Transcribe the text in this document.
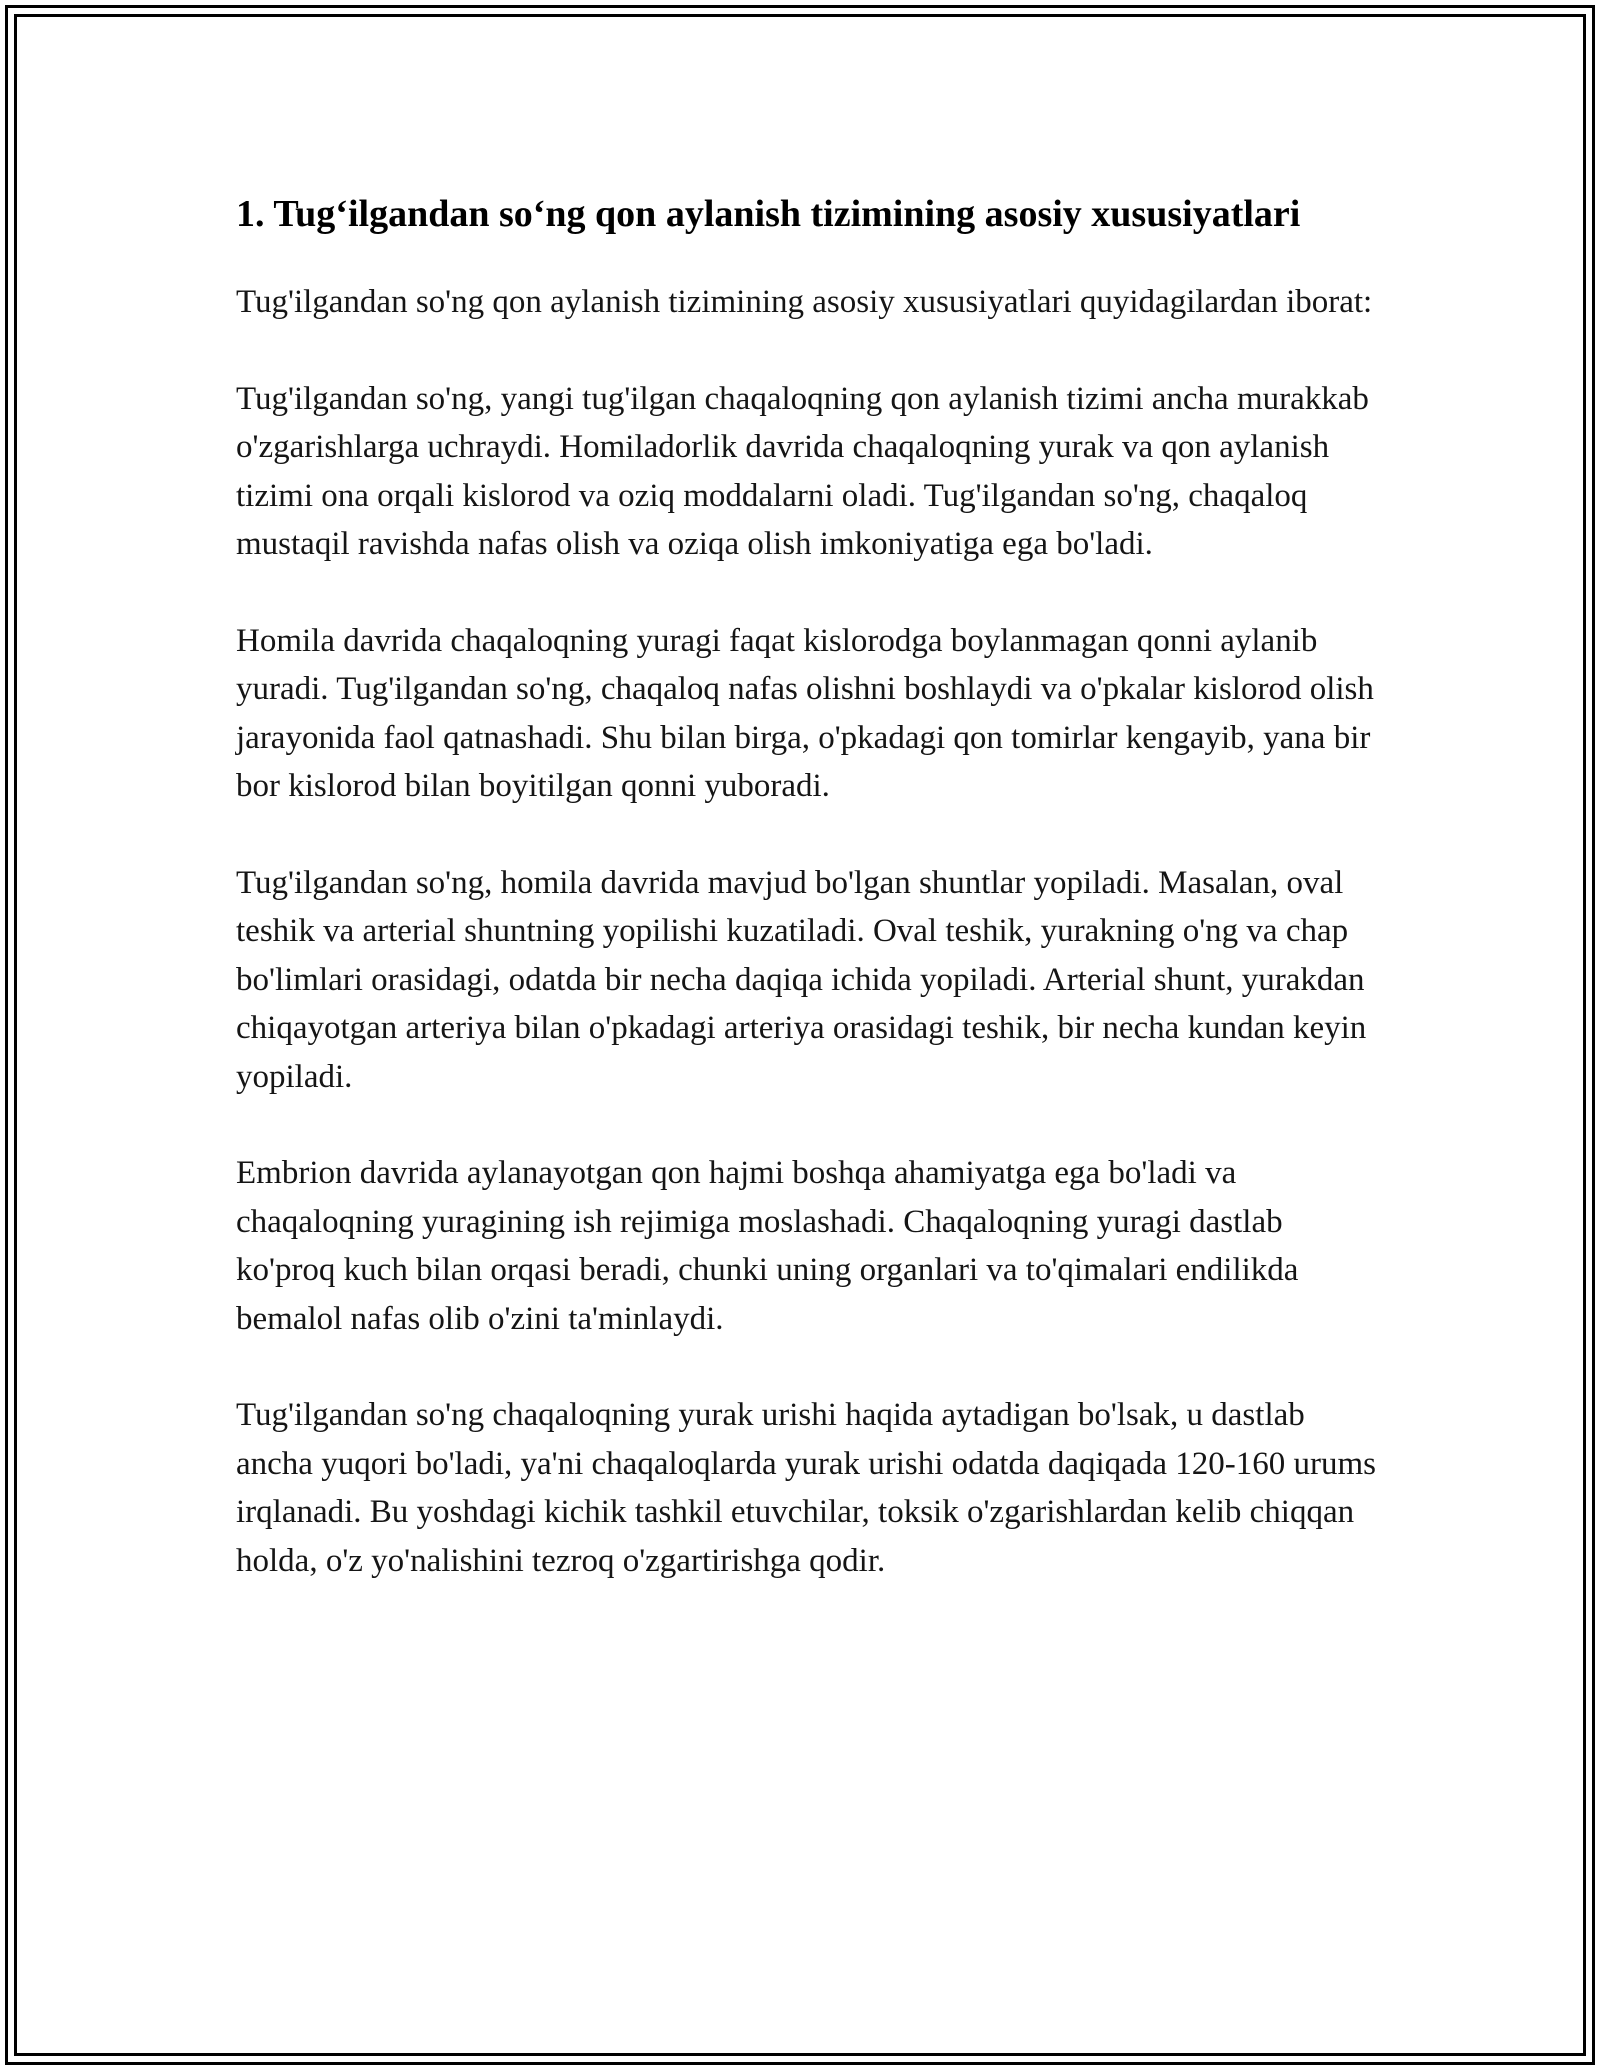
1. Tug‘ilgandan so‘ng qon aylanish tizimining asosiy xususiyatlari

Tug'ilgandan so'ng qon aylanish tizimining asosiy xususiyatlari quyidagilardan iborat:

Tug'ilgandan so'ng, yangi tug'ilgan chaqaloqning qon aylanish tizimi ancha murakkab o'zgarishlarga uchraydi. Homiladorlik davrida chaqaloqning yurak va qon aylanish tizimi ona orqali kislorod va oziq moddalarni oladi. Tug'ilgandan so'ng, chaqaloq mustaqil ravishda nafas olish va oziqa olish imkoniyatiga ega bo'ladi.

Homila davrida chaqaloqning yuragi faqat kislorodga boylanmagan qonni aylanib yuradi. Tug'ilgandan so'ng, chaqaloq nafas olishni boshlaydi va o'pkalar kislorod olish jarayonida faol qatnashadi. Shu bilan birga, o'pkadagi qon tomirlar kengayib, yana bir bor kislorod bilan boyitilgan qonni yuboradi.

Tug'ilgandan so'ng, homila davrida mavjud bo'lgan shuntlar yopiladi. Masalan, oval teshik va arterial shuntning yopilishi kuzatiladi. Oval teshik, yurakning o'ng va chap bo'limlari orasidagi, odatda bir necha daqiqa ichida yopiladi. Arterial shunt, yurakdan chiqayotgan arteriya bilan o'pkadagi arteriya orasidagi teshik, bir necha kundan keyin yopiladi.

Embrion davrida aylanayotgan qon hajmi boshqa ahamiyatga ega bo'ladi va chaqaloqning yuragining ish rejimiga moslashadi. Chaqaloqning yuragi dastlab ko'proq kuch bilan orqasi beradi, chunki uning organlari va to'qimalari endilikda bemalol nafas olib o'zini ta'minlaydi.

Tug'ilgandan so'ng chaqaloqning yurak urishi haqida aytadigan bo'lsak, u dastlab ancha yuqori bo'ladi, ya'ni chaqaloqlarda yurak urishi odatda daqiqada 120-160 urums irqlanadi. Bu yoshdagi kichik tashkil etuvchilar, toksik o'zgarishlardan kelib chiqqan holda, o'z yo'nalishini tezroq o'zgartirishga qodir.
